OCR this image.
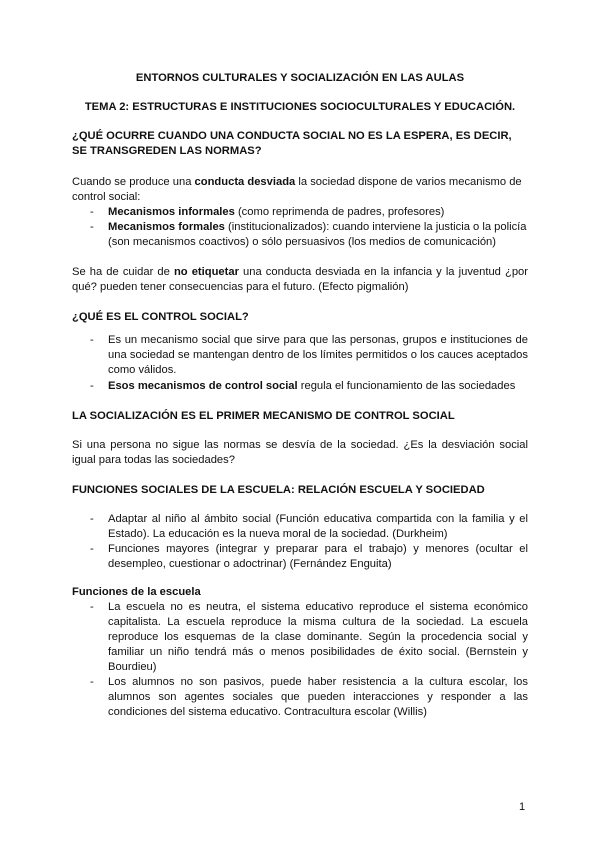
ENTORNOS CULTURALES Y SOCIALIZACIÓN EN LAS AULAS
TEMA 2: ESTRUCTURAS E INSTITUCIONES SOCIOCULTURALES Y EDUCACIÓN.
¿QUÉ OCURRE CUANDO UNA CONDUCTA SOCIAL NO ES LA ESPERA, ES DECIR, SE TRANSGREDEN LAS NORMAS?
Cuando se produce una conducta desviada la sociedad dispone de varios mecanismo de control social:
- Mecanismos informales (como reprimenda de padres, profesores)
- Mecanismos formales (institucionalizados): cuando interviene la justicia o la policía (son mecanismos coactivos) o sólo persuasivos (los medios de comunicación)
Se ha de cuidar de no etiquetar una conducta desviada en la infancia y la juventud ¿por qué? pueden tener consecuencias para el futuro. (Efecto pigmalión)
¿QUÉ ES EL CONTROL SOCIAL?
- Es un mecanismo social que sirve para que las personas, grupos e instituciones de una sociedad se mantengan dentro de los límites permitidos o los cauces aceptados como válidos.
- Esos mecanismos de control social regula el funcionamiento de las sociedades
LA SOCIALIZACIÓN ES EL PRIMER MECANISMO DE CONTROL SOCIAL
Si una persona no sigue las normas se desvía de la sociedad. ¿Es la desviación social igual para todas las sociedades?
FUNCIONES SOCIALES DE LA ESCUELA: RELACIÓN ESCUELA Y SOCIEDAD
- Adaptar al niño al ámbito social (Función educativa compartida con la familia y el Estado). La educación es la nueva moral de la sociedad. (Durkheim)
- Funciones mayores (integrar y preparar para el trabajo) y menores (ocultar el desempleo, cuestionar o adoctrinar) (Fernández Enguita)
Funciones de la escuela
- La escuela no es neutra, el sistema educativo reproduce el sistema económico capitalista. La escuela reproduce la misma cultura de la sociedad. La escuela reproduce los esquemas de la clase dominante. Según la procedencia social y familiar un niño tendrá más o menos posibilidades de éxito social. (Bernstein y Bourdieu)
- Los alumnos no son pasivos, puede haber resistencia a la cultura escolar, los alumnos son agentes sociales que pueden interacciones y responder a las condiciones del sistema educativo. Contracultura escolar (Willis)
1
